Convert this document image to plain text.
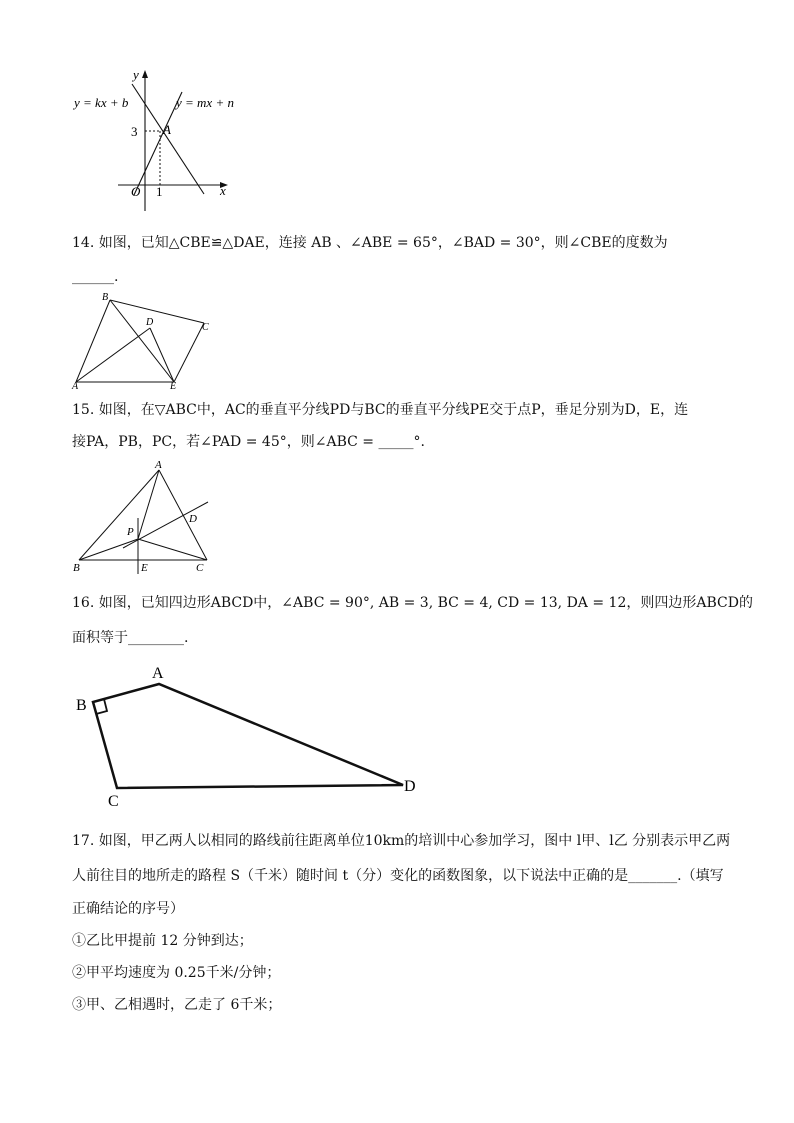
y = kx + b	y = mx + n
y
x
O
3
1
A
14. 如图，已知△CBE≌△DAE，连接 AB 、∠ABE = 65°，∠BAD = 30°，则∠CBE的度数为
______.
B
D	C
A	E
15. 如图，在▽ABC中，AC的垂直平分线PD与BC的垂直平分线PE交于点P，垂足分别为D，E，连
接PA，PB，PC，若∠PAD = 45°，则∠ABC = _____°.
A
D
P
B	E	C
16. 如图，已知四边形ABCD中，∠ABC = 90°, AB = 3, BC = 4, CD = 13, DA = 12，则四边形ABCD的
面积等于________.
A
B
C
D
17. 如图，甲乙两人以相同的路线前往距离单位10km的培训中心参加学习，图中 l甲、l乙 分别表示甲乙两
人前往目的地所走的路程 S（千米）随时间 t（分）变化的函数图象，以下说法中正确的是_______.（填写
正确结论的序号）
①乙比甲提前 12 分钟到达；
②甲平均速度为 0.25千米/分钟；
③甲、乙相遇时，乙走了 6千米；
